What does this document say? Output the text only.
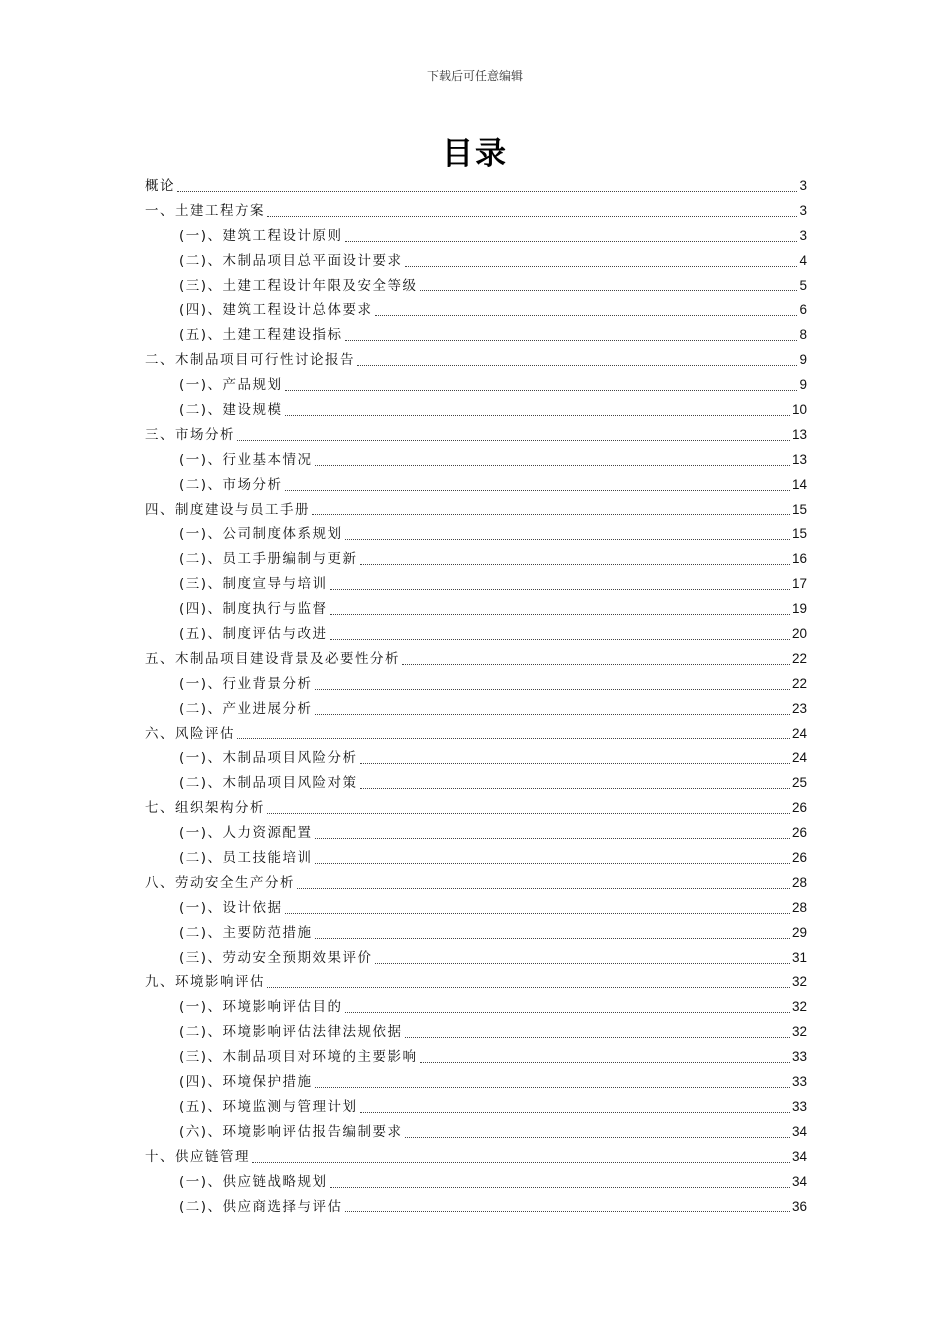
下载后可任意编辑
目录
概论	3
一、土建工程方案	3
(一)、建筑工程设计原则	3
(二)、木制品项目总平面设计要求	4
(三)、土建工程设计年限及安全等级	5
(四)、建筑工程设计总体要求	6
(五)、土建工程建设指标	8
二、木制品项目可行性讨论报告	9
(一)、产品规划	9
(二)、建设规模	10
三、市场分析	13
(一)、行业基本情况	13
(二)、市场分析	14
四、制度建设与员工手册	15
(一)、公司制度体系规划	15
(二)、员工手册编制与更新	16
(三)、制度宣导与培训	17
(四)、制度执行与监督	19
(五)、制度评估与改进	20
五、木制品项目建设背景及必要性分析	22
(一)、行业背景分析	22
(二)、产业进展分析	23
六、风险评估	24
(一)、木制品项目风险分析	24
(二)、木制品项目风险对策	25
七、组织架构分析	26
(一)、人力资源配置	26
(二)、员工技能培训	26
八、劳动安全生产分析	28
(一)、设计依据	28
(二)、主要防范措施	29
(三)、劳动安全预期效果评价	31
九、环境影响评估	32
(一)、环境影响评估目的	32
(二)、环境影响评估法律法规依据	32
(三)、木制品项目对环境的主要影响	33
(四)、环境保护措施	33
(五)、环境监测与管理计划	33
(六)、环境影响评估报告编制要求	34
十、供应链管理	34
(一)、供应链战略规划	34
(二)、供应商选择与评估	36
